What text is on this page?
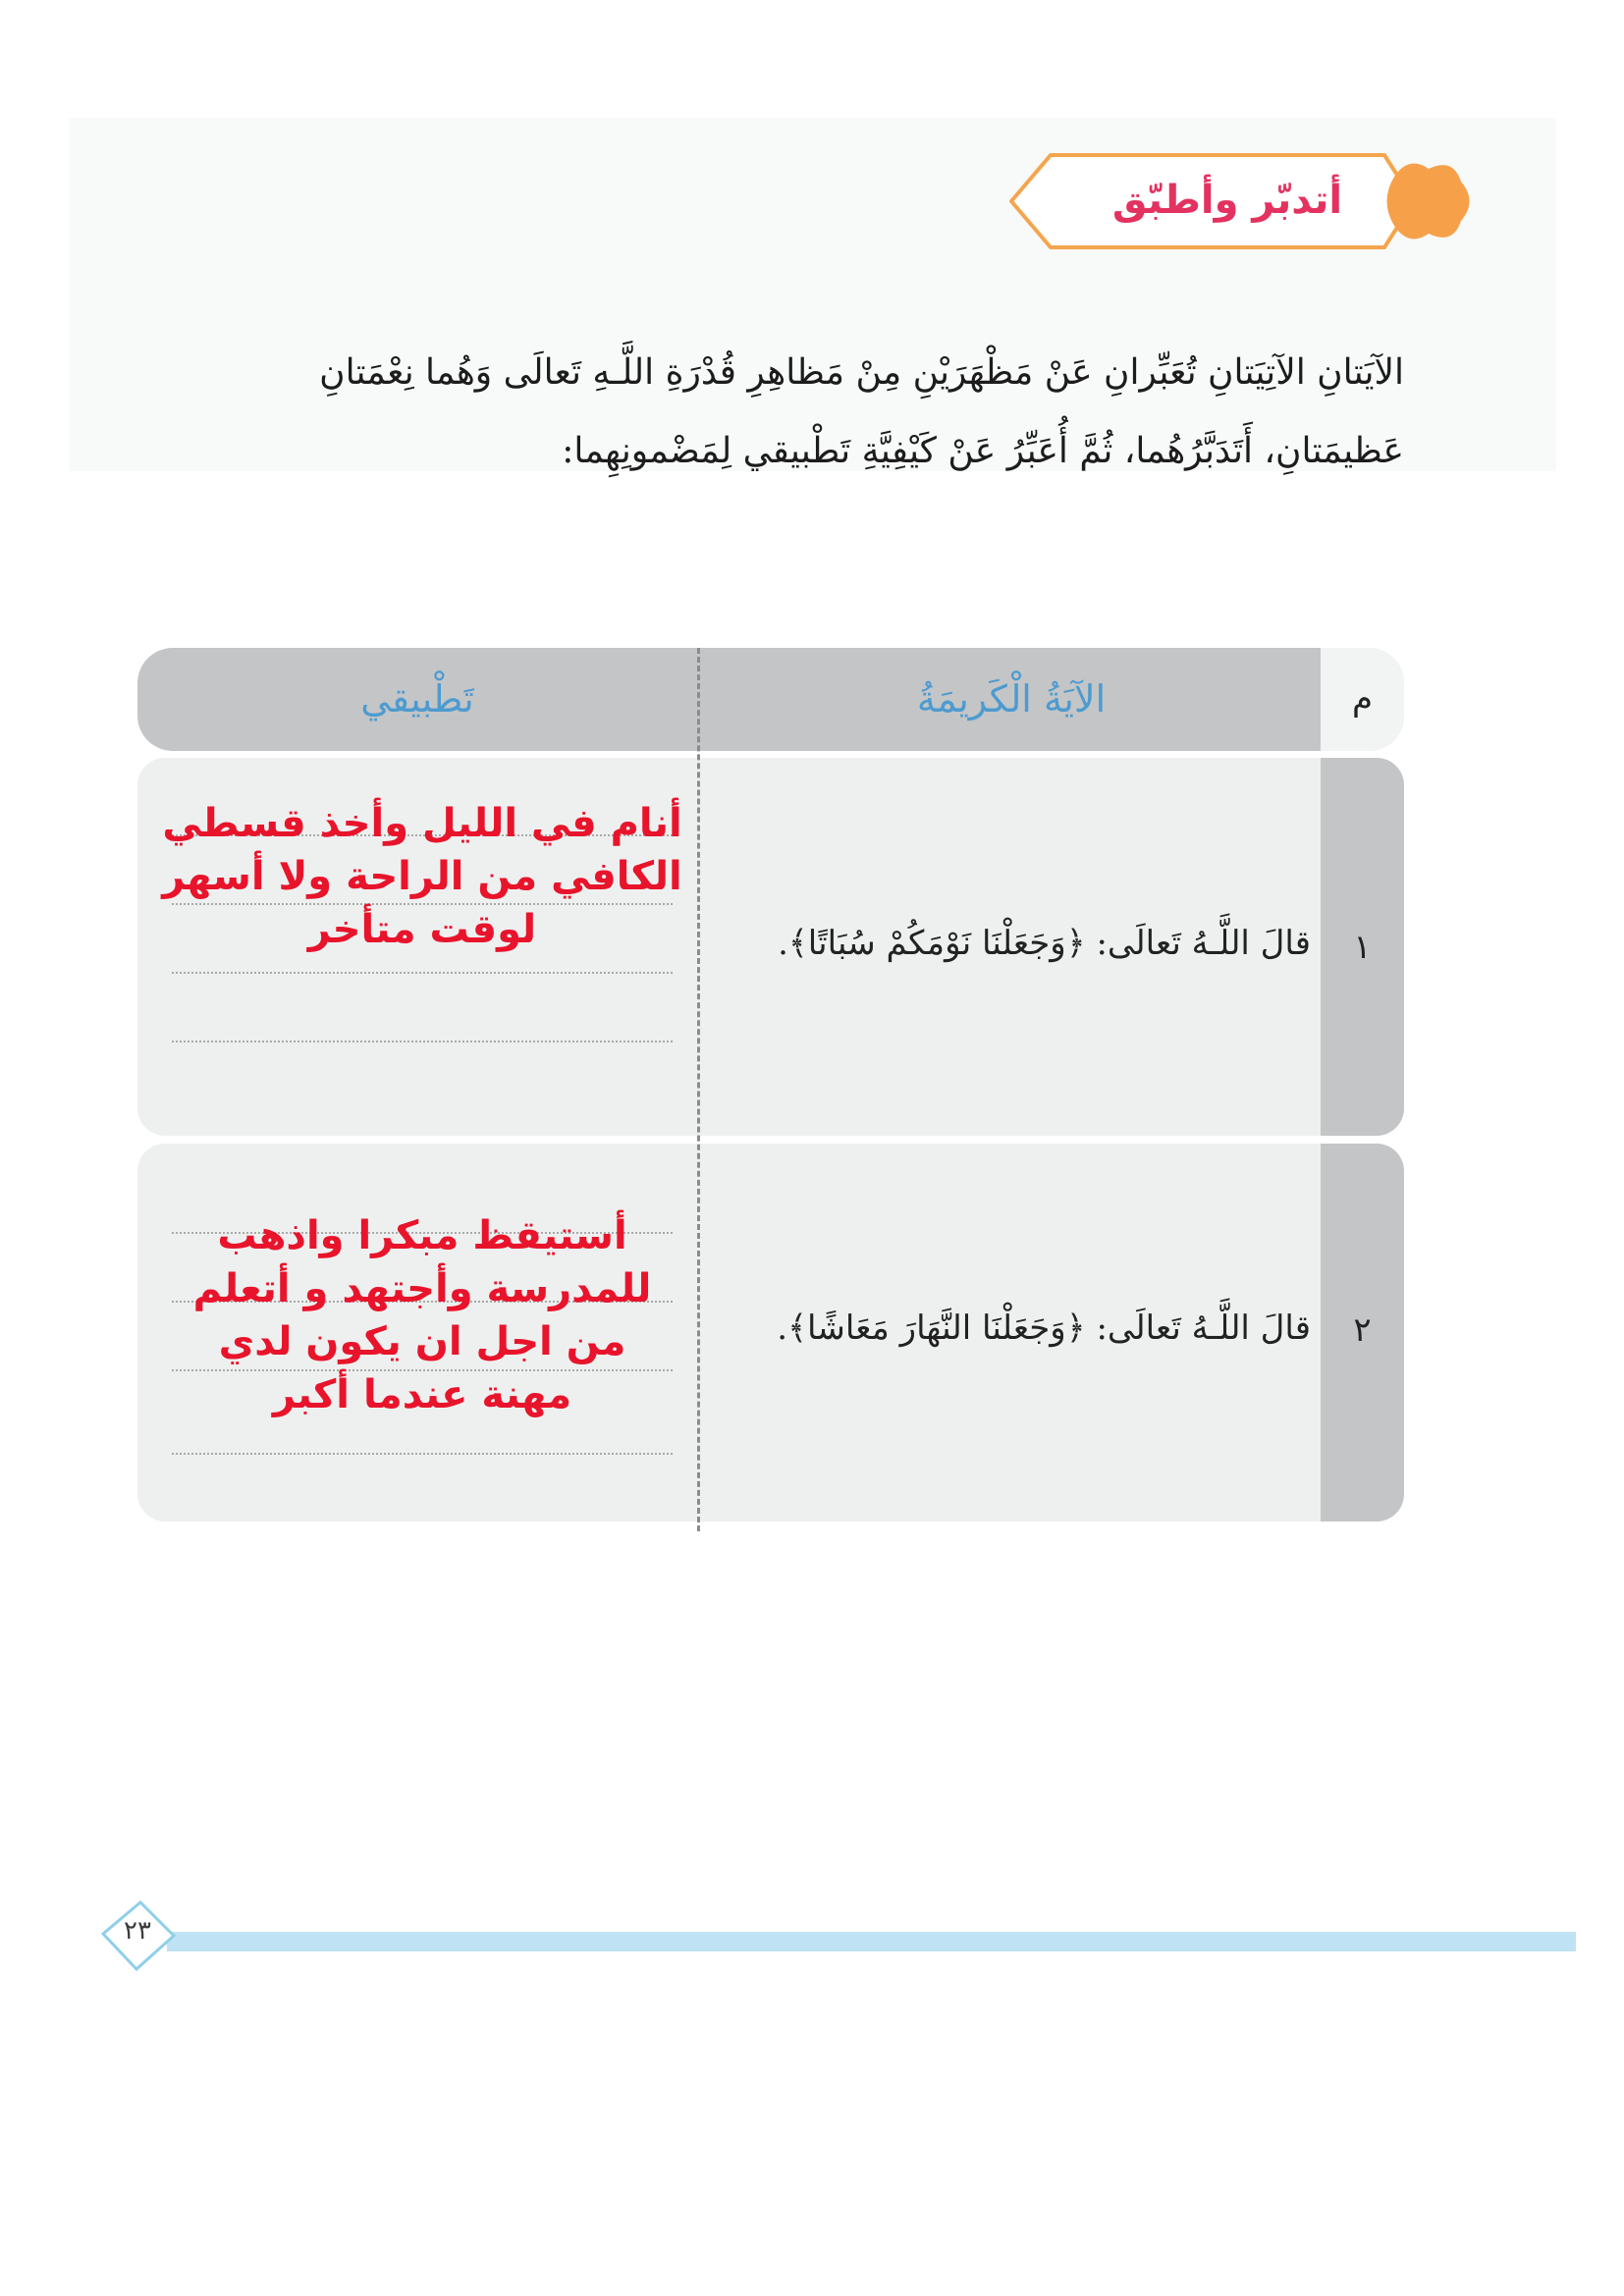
أتدبّر وأطبّق
الآيَتانِ الآتِيَتانِ تُعَبِّرانِ عَنْ مَظْهَرَيْنِ مِنْ مَظاهِرِ قُدْرَةِ اللَّـهِ تَعالَى وَهُما نِعْمَتانِ
عَظيمَتانِ، أَتَدَبَّرُهُما، ثُمَّ أُعَبِّرُ عَنْ كَيْفِيَّةِ تَطْبيقي لِمَضْمونِهِما:
م
الآيَةُ الْكَريمَةُ
تَطْبيقي
١
قالَ اللَّـهُ تَعالَى: ﴿وَجَعَلْنَا نَوْمَكُمْ سُبَاتًا﴾.
أنام في الليل وأخذ قسطي
الكافي من الراحة ولا أسهر
لوقت متأخر
٢
قالَ اللَّـهُ تَعالَى: ﴿وَجَعَلْنَا النَّهَارَ مَعَاشًا﴾.
أستيقظ مبكرا واذهب
للمدرسة وأجتهد و أتعلم
من اجل ان يكون لدي
مهنة عندما أكبر
٢٣
